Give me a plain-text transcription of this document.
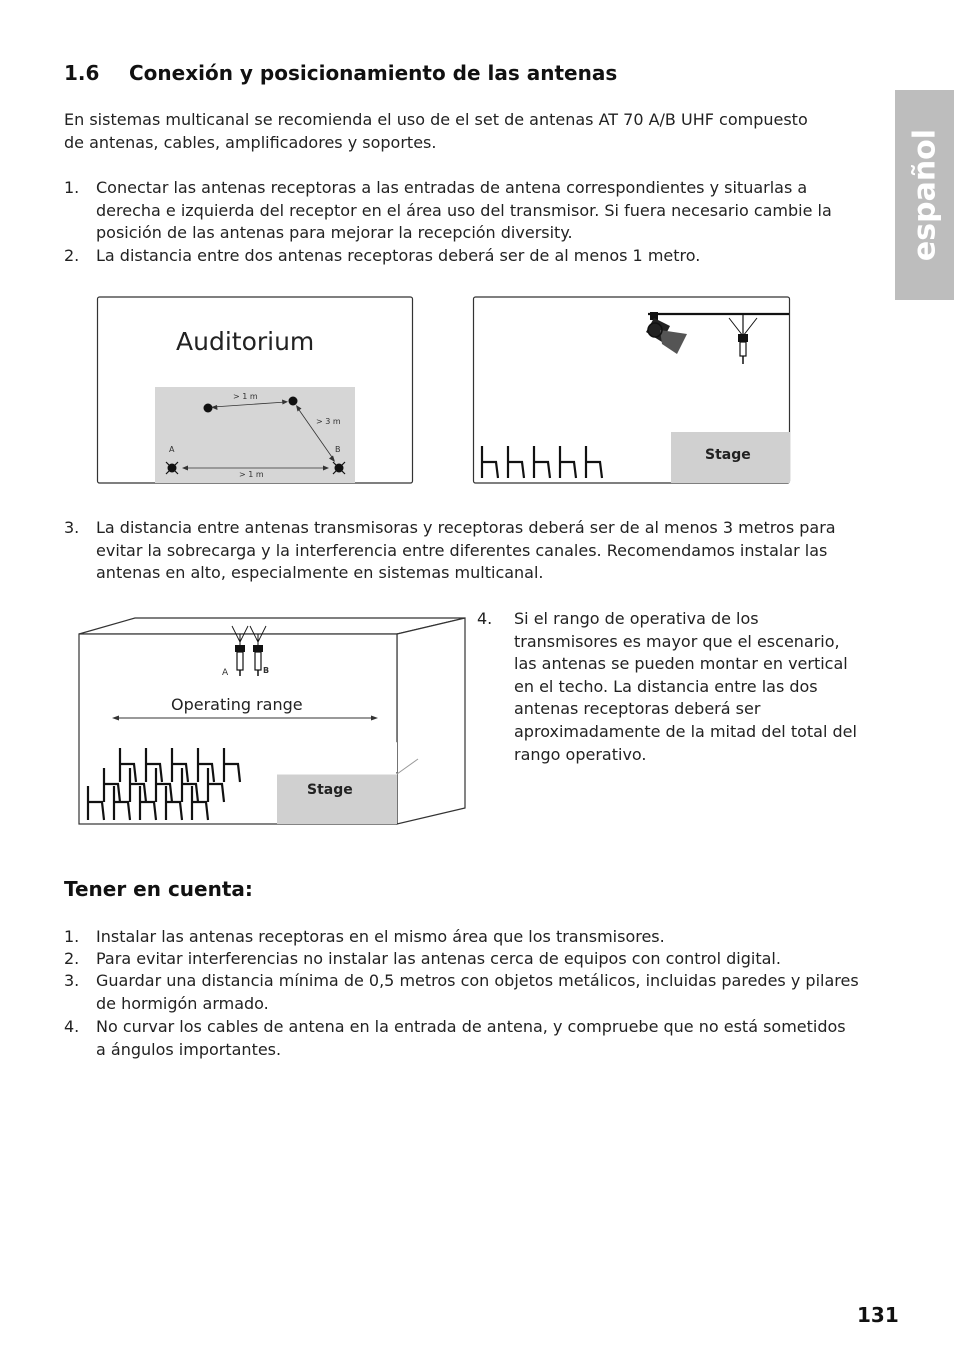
1.6 Conexión y posicionamiento de las antenas
En sistemas multicanal se recomienda el uso de el set de antenas AT 70 A/B UHF compuesto de antenas, cables, amplificadores y soportes.
1. Conectar las antenas receptoras a las entradas de antena correspondientes y situarlas a derecha e izquierda del receptor en el área uso del transmisor. Si fuera necesario cambie la posición de las antenas para mejorar la recepción diversity.
2. La distancia entre dos antenas receptoras deberá ser de al menos 1 metro.
Auditorium
> 1 m
> 3 m
A	B
> 1 m
Stage
3. La distancia entre antenas transmisoras y receptoras deberá ser de al menos 3 metros para evitar la sobrecarga y la interferencia entre diferentes canales. Recomendamos instalar las antenas en alto, especialmente en sistemas multicanal.
Stage
A	B
Operating range
4. Si el rango de operativa de los transmisores es mayor que el escenario, las antenas se pueden montar en vertical en el techo. La distancia entre las dos antenas receptoras deberá ser aproximadamente de la mitad del total del rango operativo.
Tener en cuenta:
1. Instalar las antenas receptoras en el mismo área que los transmisores.
2. Para evitar interferencias no instalar las antenas cerca de equipos con control digital.
3. Guardar una distancia mínima de 0,5 metros con objetos metálicos, incluidas paredes y pilares de hormigón armado.
4. No curvar los cables de antena en la entrada de antena, y compruebe que no está sometidos a ángulos importantes.
español
131
